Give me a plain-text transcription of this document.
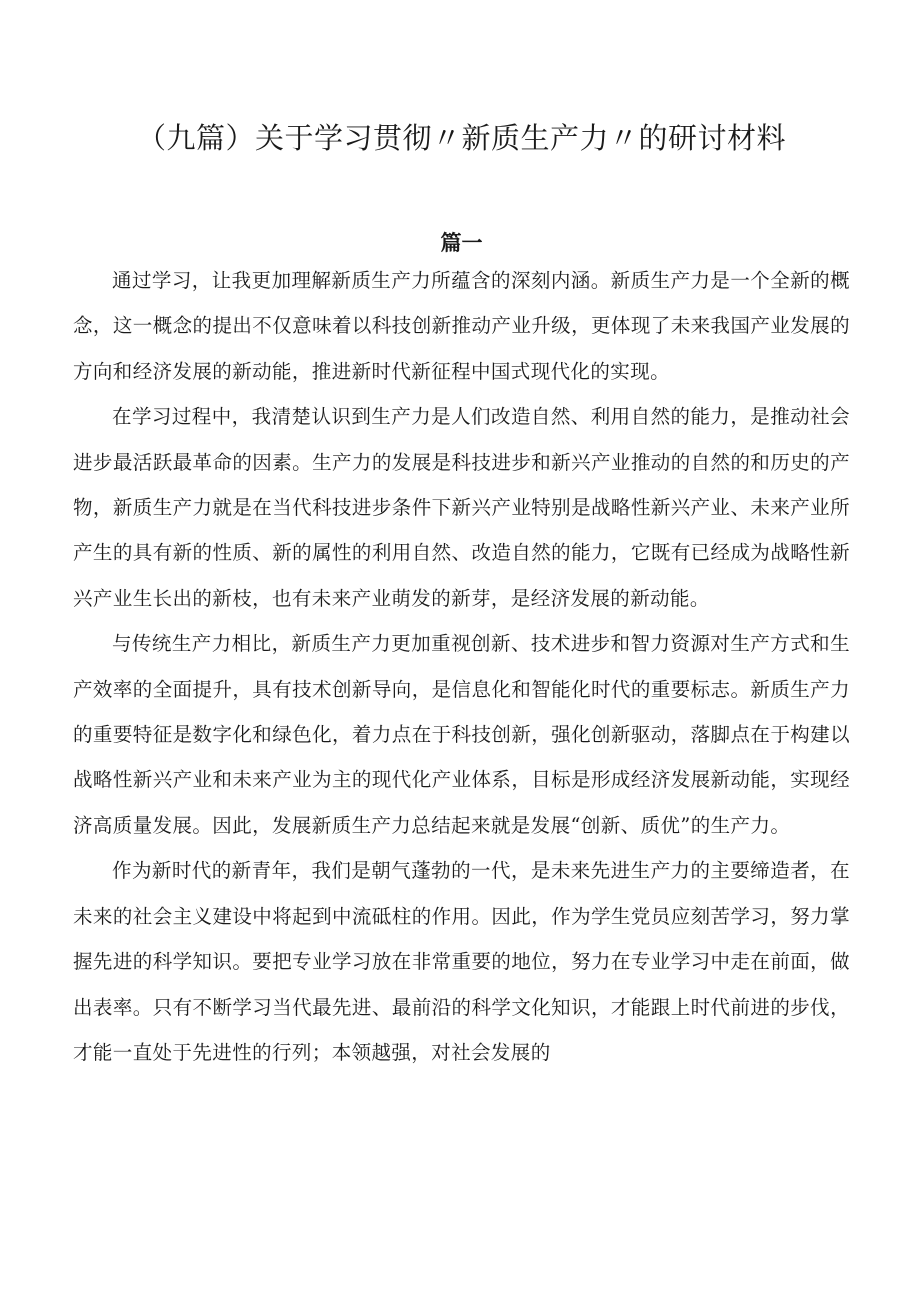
（九篇）关于学习贯彻〃新质生产力〃的研讨材料
篇一

通过学习，让我更加理解新质生产力所蕴含的深刻内涵。新质生产力是一个全新的概念，这一概念的提出不仅意味着以科技创新推动产业升级，更体现了未来我国产业发展的方向和经济发展的新动能，推进新时代新征程中国式现代化的实现。

在学习过程中，我清楚认识到生产力是人们改造自然、利用自然的能力，是推动社会进步最活跃最革命的因素。生产力的发展是科技进步和新兴产业推动的自然的和历史的产物，新质生产力就是在当代科技进步条件下新兴产业特别是战略性新兴产业、未来产业所产生的具有新的性质、新的属性的利用自然、改造自然的能力，它既有已经成为战略性新兴产业生长出的新枝，也有未来产业萌发的新芽，是经济发展的新动能。

与传统生产力相比，新质生产力更加重视创新、技术进步和智力资源对生产方式和生产效率的全面提升，具有技术创新导向，是信息化和智能化时代的重要标志。新质生产力的重要特征是数字化和绿色化，着力点在于科技创新，强化创新驱动，落脚点在于构建以战略性新兴产业和未来产业为主的现代化产业体系，目标是形成经济发展新动能，实现经济高质量发展。因此，发展新质生产力总结起来就是发展“创新、质优”的生产力。

作为新时代的新青年，我们是朝气蓬勃的一代，是未来先进生产力的主要缔造者，在未来的社会主义建设中将起到中流砥柱的作用。因此，作为学生党员应刻苦学习，努力掌握先进的科学知识。要把专业学习放在非常重要的地位，努力在专业学习中走在前面，做出表率。只有不断学习当代最先进、最前沿的科学文化知识，才能跟上时代前进的步伐，才能一直处于先进性的行列；本领越强，对社会发展的
